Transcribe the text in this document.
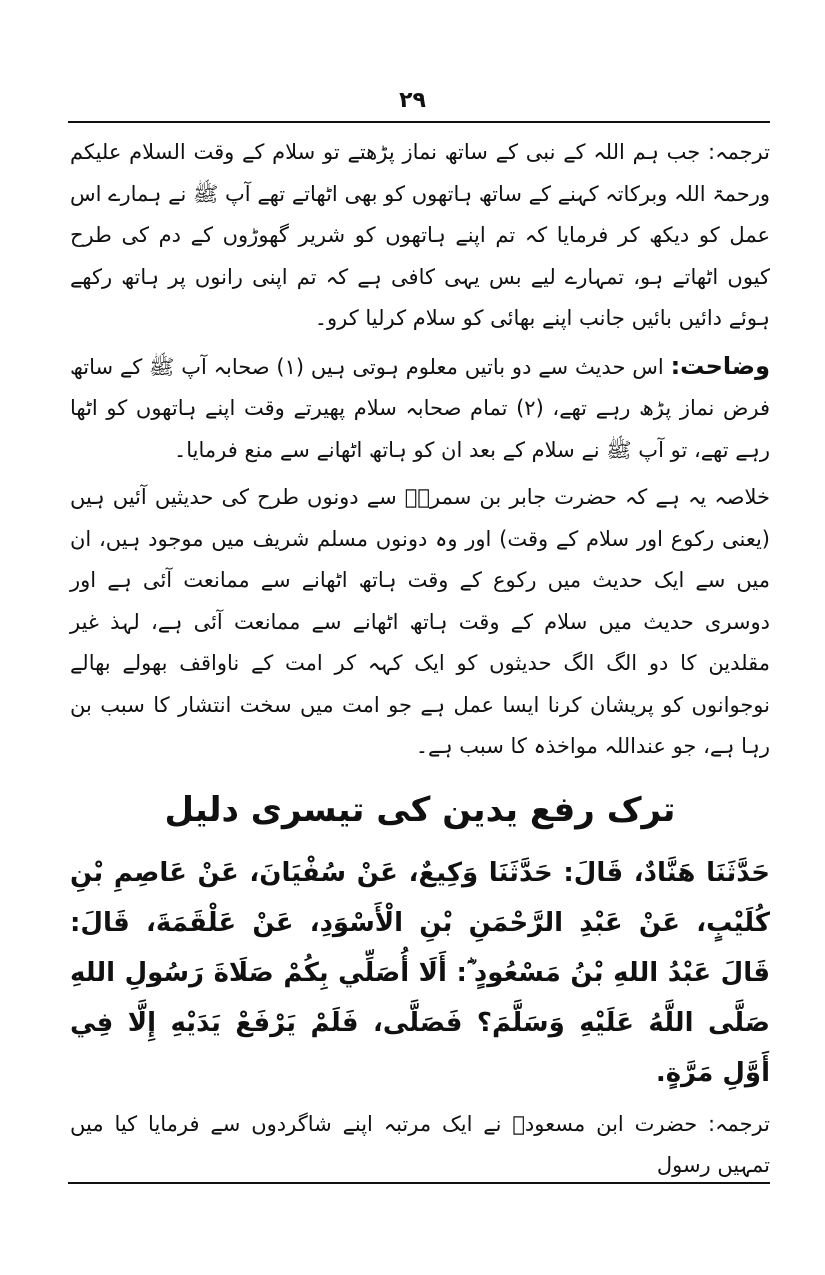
۲۹

ترجمہ: جب ہم اللہ کے نبی کے ساتھ نماز پڑھتے تو سلام کے وقت السلام علیکم ورحمۃ اللہ وبرکاتہ کہنے کے ساتھ ہاتھوں کو بھی اٹھاتے تھے آپ ﷺ نے ہمارے اس عمل کو دیکھ کر فرمایا کہ تم اپنے ہاتھوں کو شریر گھوڑوں کے دم کی طرح کیوں اٹھاتے ہو، تمہارے لیے بس یہی کافی ہے کہ تم اپنی رانوں پر ہاتھ رکھے ہوئے دائیں بائیں جانب اپنے بھائی کو سلام کرلیا کرو۔

وضاحت: اس حدیث سے دو باتیں معلوم ہوتی ہیں (۱) صحابہ آپ ﷺ کے ساتھ فرض نماز پڑھ رہے تھے، (۲) تمام صحابہ سلام پھیرتے وقت اپنے ہاتھوں کو اٹھا رہے تھے، تو آپ ﷺ نے سلام کے بعد ان کو ہاتھ اٹھانے سے منع فرمایا۔

خلاصہ یہ ہے کہ حضرت جابر بن سمرہؓ سے دونوں طرح کی حدیثیں آئیں ہیں (یعنی رکوع اور سلام کے وقت) اور وہ دونوں مسلم شریف میں موجود ہیں، ان میں سے ایک حدیث میں رکوع کے وقت ہاتھ اٹھانے سے ممانعت آئی ہے اور دوسری حدیث میں سلام کے وقت ہاتھ اٹھانے سے ممانعت آئی ہے، لہذ غیر مقلدین کا دو الگ الگ حدیثوں کو ایک کہہ کر امت کے ناواقف بھولے بھالے نوجوانوں کو پریشان کرنا ایسا عمل ہے جو امت میں سخت انتشار کا سبب بن رہا ہے، جو عنداللہ مواخذہ کا سبب ہے۔

ترک رفع یدین کی تیسری دلیل

حَدَّثَنَا هَنَّادٌ، قَالَ: حَدَّثَنَا وَكِيعٌ، عَنْ سُفْيَانَ، عَنْ عَاصِمِ بْنِ كُلَيْبٍ، عَنْ عَبْدِ الرَّحْمَنِ بْنِ الْأَسْوَدِ، عَنْ عَلْقَمَةَ، قَالَ: قَالَ عَبْدُ اللهِ بْنُ مَسْعُودٍ ؓ: أَلَا أُصَلِّي بِكُمْ صَلَاةَ رَسُولِ اللهِ صَلَّى اللَّهُ عَلَيْهِ وَسَلَّمَ؟ فَصَلَّى، فَلَمْ يَرْفَعْ يَدَيْهِ إِلَّا فِي أَوَّلِ مَرَّةٍ.

ترجمہ: حضرت ابن مسعودؓ نے ایک مرتبہ اپنے شاگردوں سے فرمایا کیا میں تمہیں رسول
